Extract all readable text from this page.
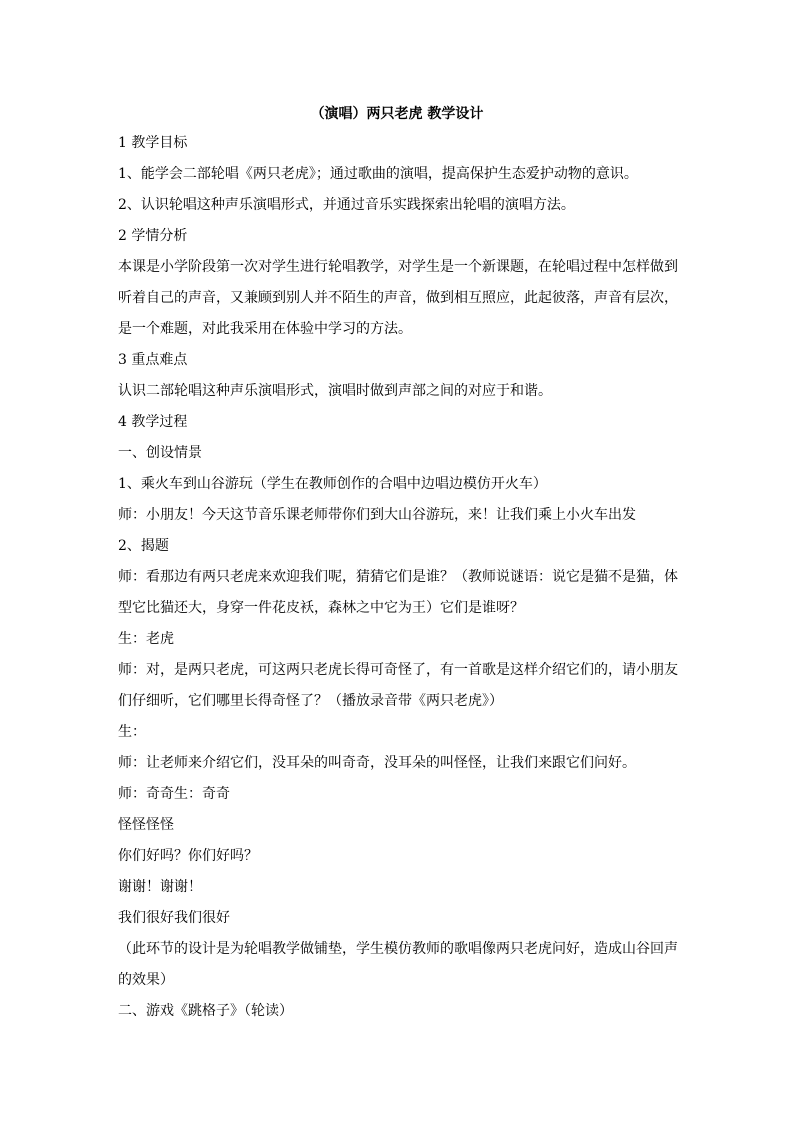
（演唱）两只老虎 教学设计
1 教学目标
1、能学会二部轮唱《两只老虎》；通过歌曲的演唱，提高保护生态爱护动物的意识。
2、认识轮唱这种声乐演唱形式，并通过音乐实践探索出轮唱的演唱方法。
2 学情分析
本课是小学阶段第一次对学生进行轮唱教学，对学生是一个新课题，在轮唱过程中怎样做到
听着自己的声音，又兼顾到别人并不陌生的声音，做到相互照应，此起彼落，声音有层次，
是一个难题，对此我采用在体验中学习的方法。
3 重点难点
认识二部轮唱这种声乐演唱形式，演唱时做到声部之间的对应于和谐。
4 教学过程
一、创设情景
1、乘火车到山谷游玩（学生在教师创作的合唱中边唱边模仿开火车）
师：小朋友！今天这节音乐课老师带你们到大山谷游玩，来！让我们乘上小火车出发
2、揭题
师：看那边有两只老虎来欢迎我们呢，猜猜它们是谁？（教师说谜语：说它是猫不是猫，体
型它比猫还大，身穿一件花皮袄，森林之中它为王）它们是谁呀？
生：老虎
师：对，是两只老虎，可这两只老虎长得可奇怪了，有一首歌是这样介绍它们的，请小朋友
们仔细听，它们哪里长得奇怪了？（播放录音带《两只老虎》）
生：
师：让老师来介绍它们，没耳朵的叫奇奇，没耳朵的叫怪怪，让我们来跟它们问好。
师：奇奇生：奇奇
怪怪怪怪
你们好吗？你们好吗？
谢谢！谢谢！
我们很好我们很好
（此环节的设计是为轮唱教学做铺垫，学生模仿教师的歌唱像两只老虎问好，造成山谷回声
的效果）
二、游戏《跳格子》（轮读）
